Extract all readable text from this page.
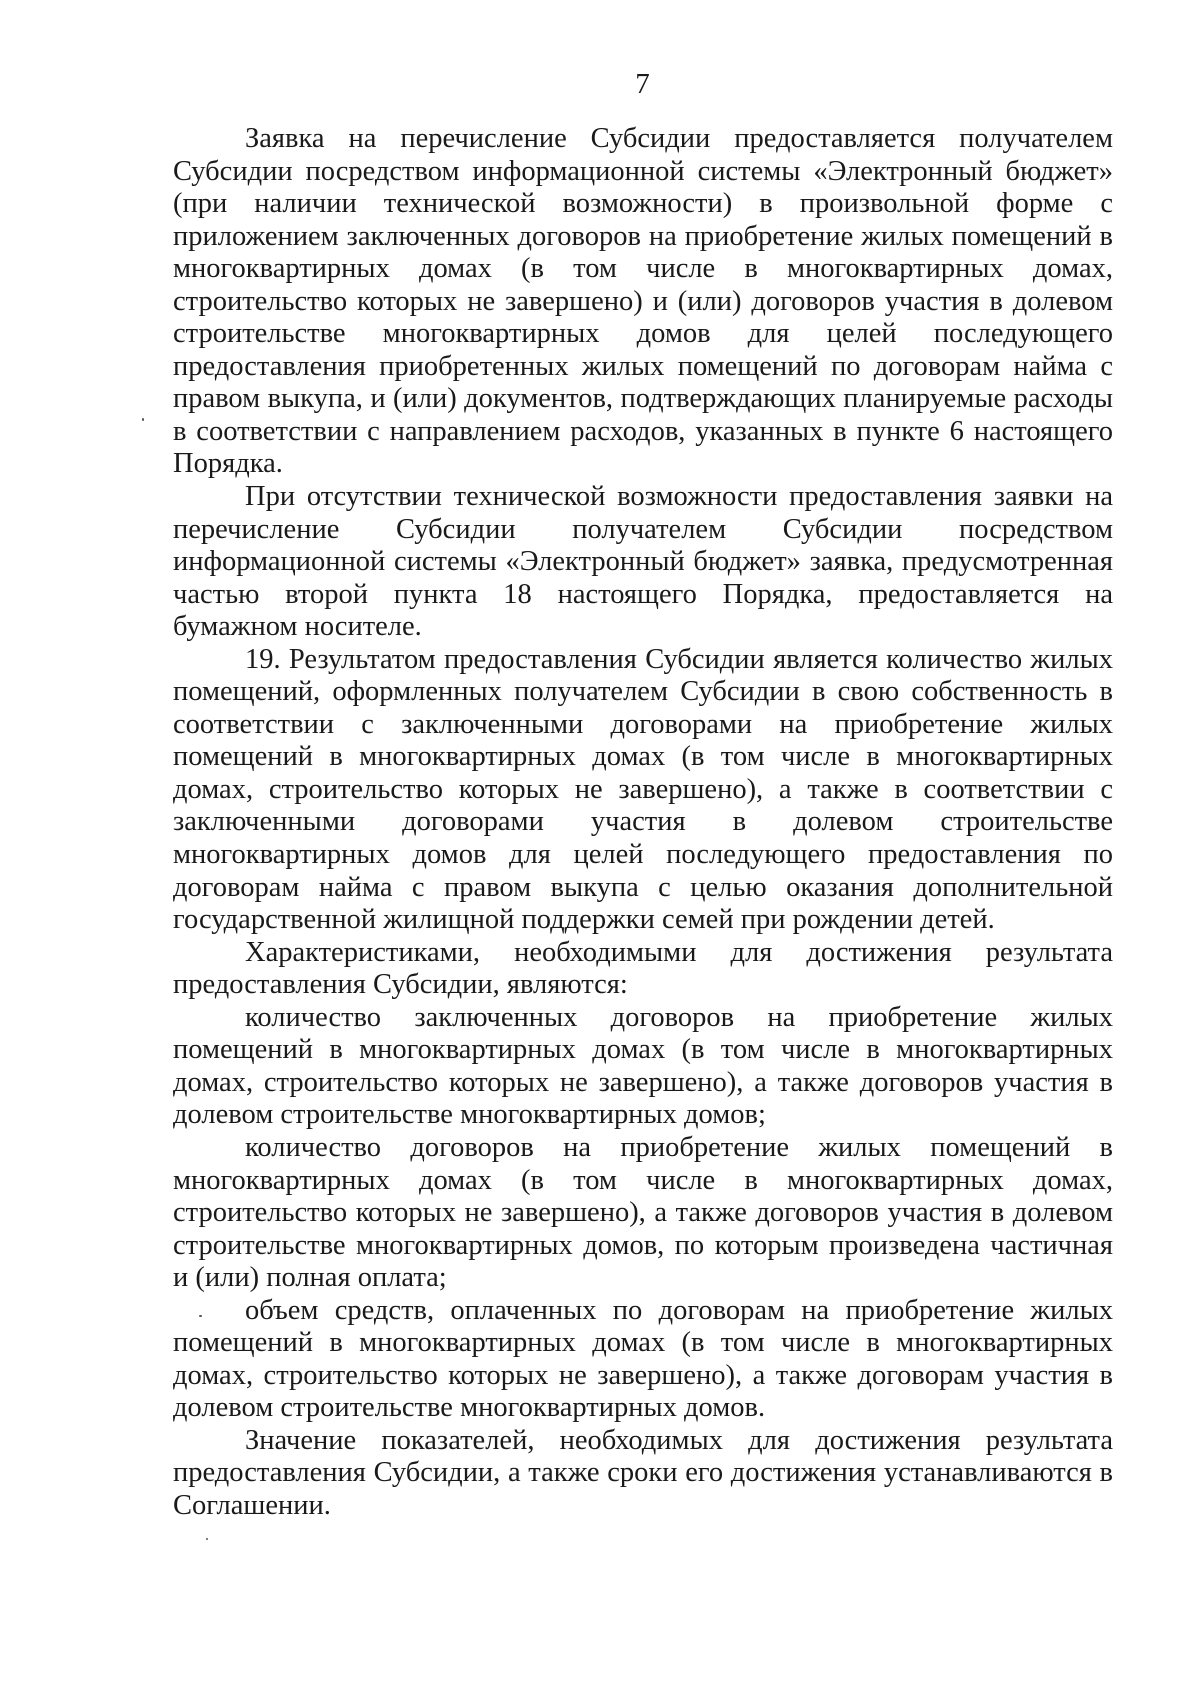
7

Заявка на перечисление Субсидии предоставляется получателем Субсидии посредством информационной системы «Электронный бюджет» (при наличии технической возможности) в произвольной форме с приложением заключенных договоров на приобретение жилых помещений в многоквартирных домах (в том числе в многоквартирных домах, строительство которых не завершено) и (или) договоров участия в долевом строительстве многоквартирных домов для целей последующего предоставления приобретенных жилых помещений по договорам найма с правом выкупа, и (или) документов, подтверждающих планируемые расходы в соответствии с направлением расходов, указанных в пункте 6 настоящего Порядка.

При отсутствии технической возможности предоставления заявки на перечисление Субсидии получателем Субсидии посредством информационной системы «Электронный бюджет» заявка, предусмотренная частью второй пункта 18 настоящего Порядка, предоставляется на бумажном носителе.

19. Результатом предоставления Субсидии является количество жилых помещений, оформленных получателем Субсидии в свою собственность в соответствии с заключенными договорами на приобретение жилых помещений в многоквартирных домах (в том числе в многоквартирных домах, строительство которых не завершено), а также в соответствии с заключенными договорами участия в долевом строительстве многоквартирных домов для целей последующего предоставления по договорам найма с правом выкупа с целью оказания дополнительной государственной жилищной поддержки семей при рождении детей.

Характеристиками, необходимыми для достижения результата предоставления Субсидии, являются:

количество заключенных договоров на приобретение жилых помещений в многоквартирных домах (в том числе в многоквартирных домах, строительство которых не завершено), а также договоров участия в долевом строительстве многоквартирных домов;

количество договоров на приобретение жилых помещений в многоквартирных домах (в том числе в многоквартирных домах, строительство которых не завершено), а также договоров участия в долевом строительстве многоквартирных домов, по которым произведена частичная и (или) полная оплата;

объем средств, оплаченных по договорам на приобретение жилых помещений в многоквартирных домах (в том числе в многоквартирных домах, строительство которых не завершено), а также договорам участия в долевом строительстве многоквартирных домов.

Значение показателей, необходимых для достижения результата предоставления Субсидии, а также сроки его достижения устанавливаются в Соглашении.
